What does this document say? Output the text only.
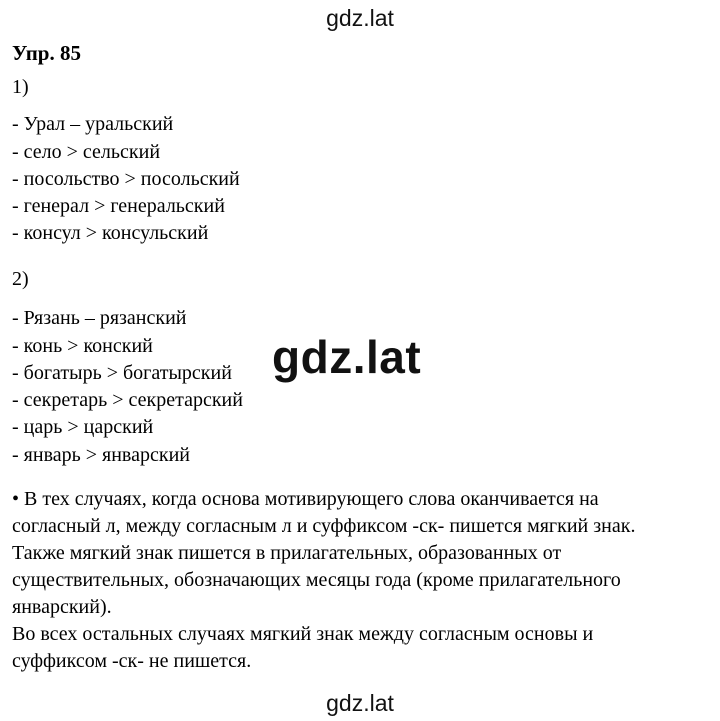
gdz.lat
Упр. 85
1)
- Урал – уральский
- село > сельский
- посольство > посольский
- генерал > генеральский
- консул > консульский
2)
- Рязань – рязанский
- конь > конский
- богатырь > богатырский
- секретарь > секретарский
- царь > царский
- январь > январский
gdz.lat

• В тех случаях, когда основа мотивирующего слова оканчивается на

согласный л, между согласным л и суффиксом -ск- пишется мягкий знак.

Также мягкий знак пишется в прилагательных, образованных от

существительных, обозначающих месяцы года (кроме прилагательного

январский).

Во всех остальных случаях мягкий знак между согласным основы и

суффиксом -ск- не пишется.

gdz.lat
